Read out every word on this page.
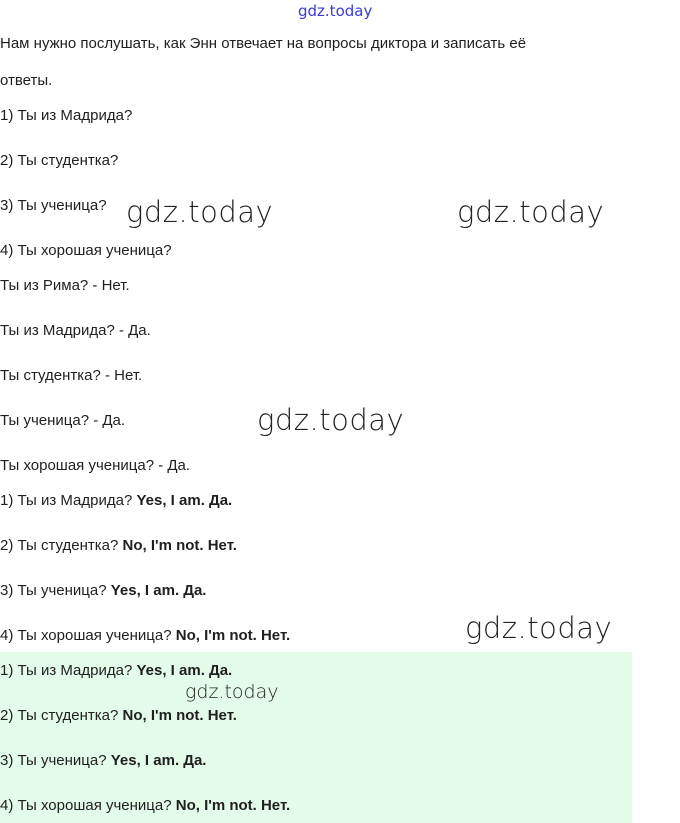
gdz.today
Нам нужно послушать, как Энн отвечает на вопросы диктора и записать её
ответы.
1) Ты из Мадрида?
2) Ты студентка?
3) Ты ученица?
4) Ты хорошая ученица?
Ты из Рима? - Нет.
Ты из Мадрида? - Да.
Ты студентка? - Нет.
Ты ученица? - Да.
Ты хорошая ученица? - Да.
1) Ты из Мадрида? Yes, I am. Да.
2) Ты студентка? No, I'm not. Нет.
3) Ты ученица? Yes, I am. Да.
4) Ты хорошая ученица? No, I'm not. Нет.
1) Ты из Мадрида? Yes, I am. Да.
2) Ты студентка? No, I'm not. Нет.
3) Ты ученица? Yes, I am. Да.
4) Ты хорошая ученица? No, I'm not. Нет.
gdz.today	gdz.today
gdz.today
gdz.today
gdz.today
